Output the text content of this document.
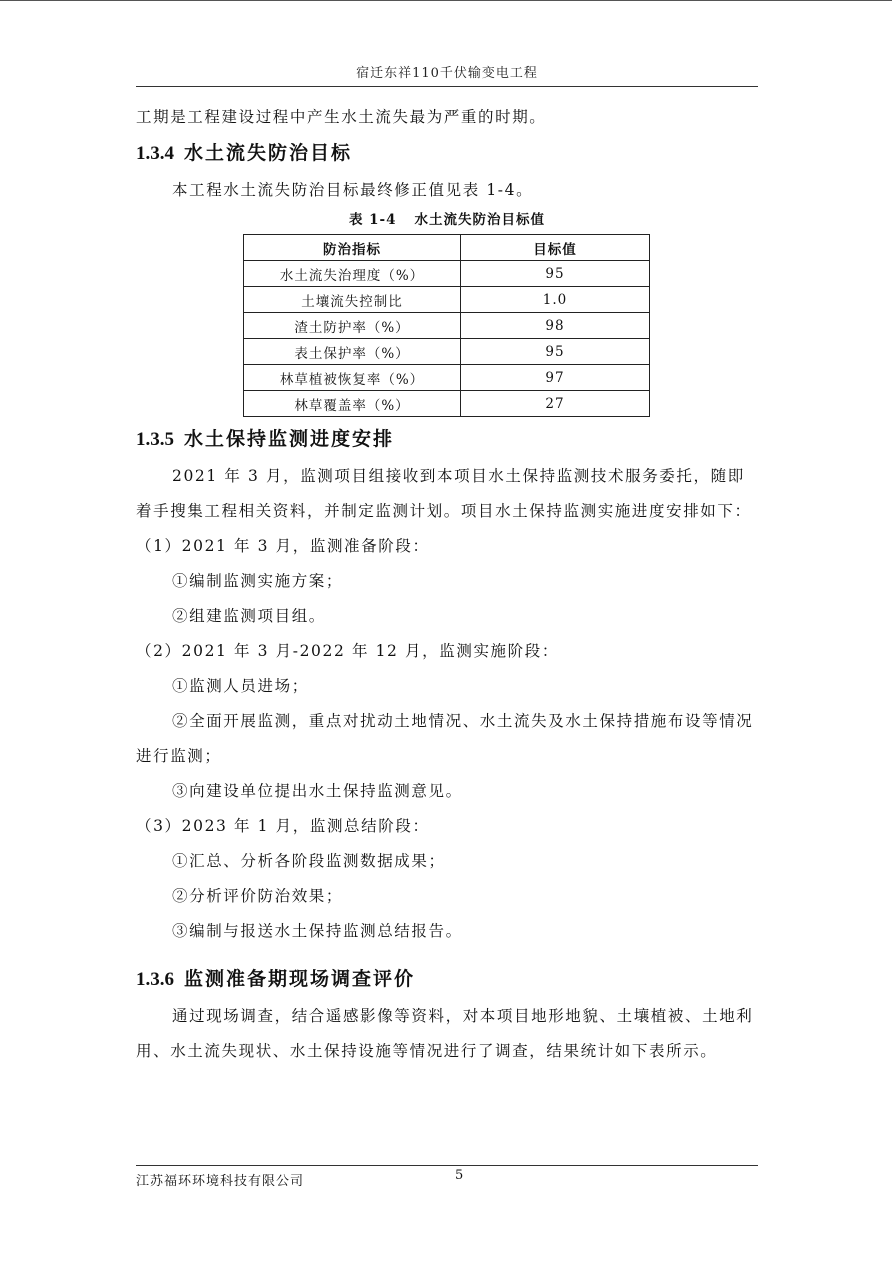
宿迁东祥110千伏输变电工程

工期是工程建设过程中产生水土流失最为严重的时期。

1.3.4 水土流失防治目标

本工程水土流失防治目标最终修正值见表 1-4。

表 1-4 水土流失防治目标值
防治指标	目标值
水土流失治理度（%）	95
土壤流失控制比	1.0
渣土防护率（%）	98
表土保护率（%）	95
林草植被恢复率（%）	97
林草覆盖率（%）	27
1.3.5 水土保持监测进度安排

2021 年 3 月，监测项目组接收到本项目水土保持监测技术服务委托，随即着手搜集工程相关资料，并制定监测计划。项目水土保持监测实施进度安排如下：

（1）2021 年 3 月，监测准备阶段：

①编制监测实施方案；

②组建监测项目组。

（2）2021 年 3 月-2022 年 12 月，监测实施阶段：

①监测人员进场；

②全面开展监测，重点对扰动土地情况、水土流失及水土保持措施布设等情况进行监测；

③向建设单位提出水土保持监测意见。

（3）2023 年 1 月，监测总结阶段：

①汇总、分析各阶段监测数据成果；

②分析评价防治效果；

③编制与报送水土保持监测总结报告。

1.3.6 监测准备期现场调查评价

通过现场调查，结合遥感影像等资料，对本项目地形地貌、土壤植被、土地利用、水土流失现状、水土保持设施等情况进行了调查，结果统计如下表所示。

江苏福环环境科技有限公司	5
